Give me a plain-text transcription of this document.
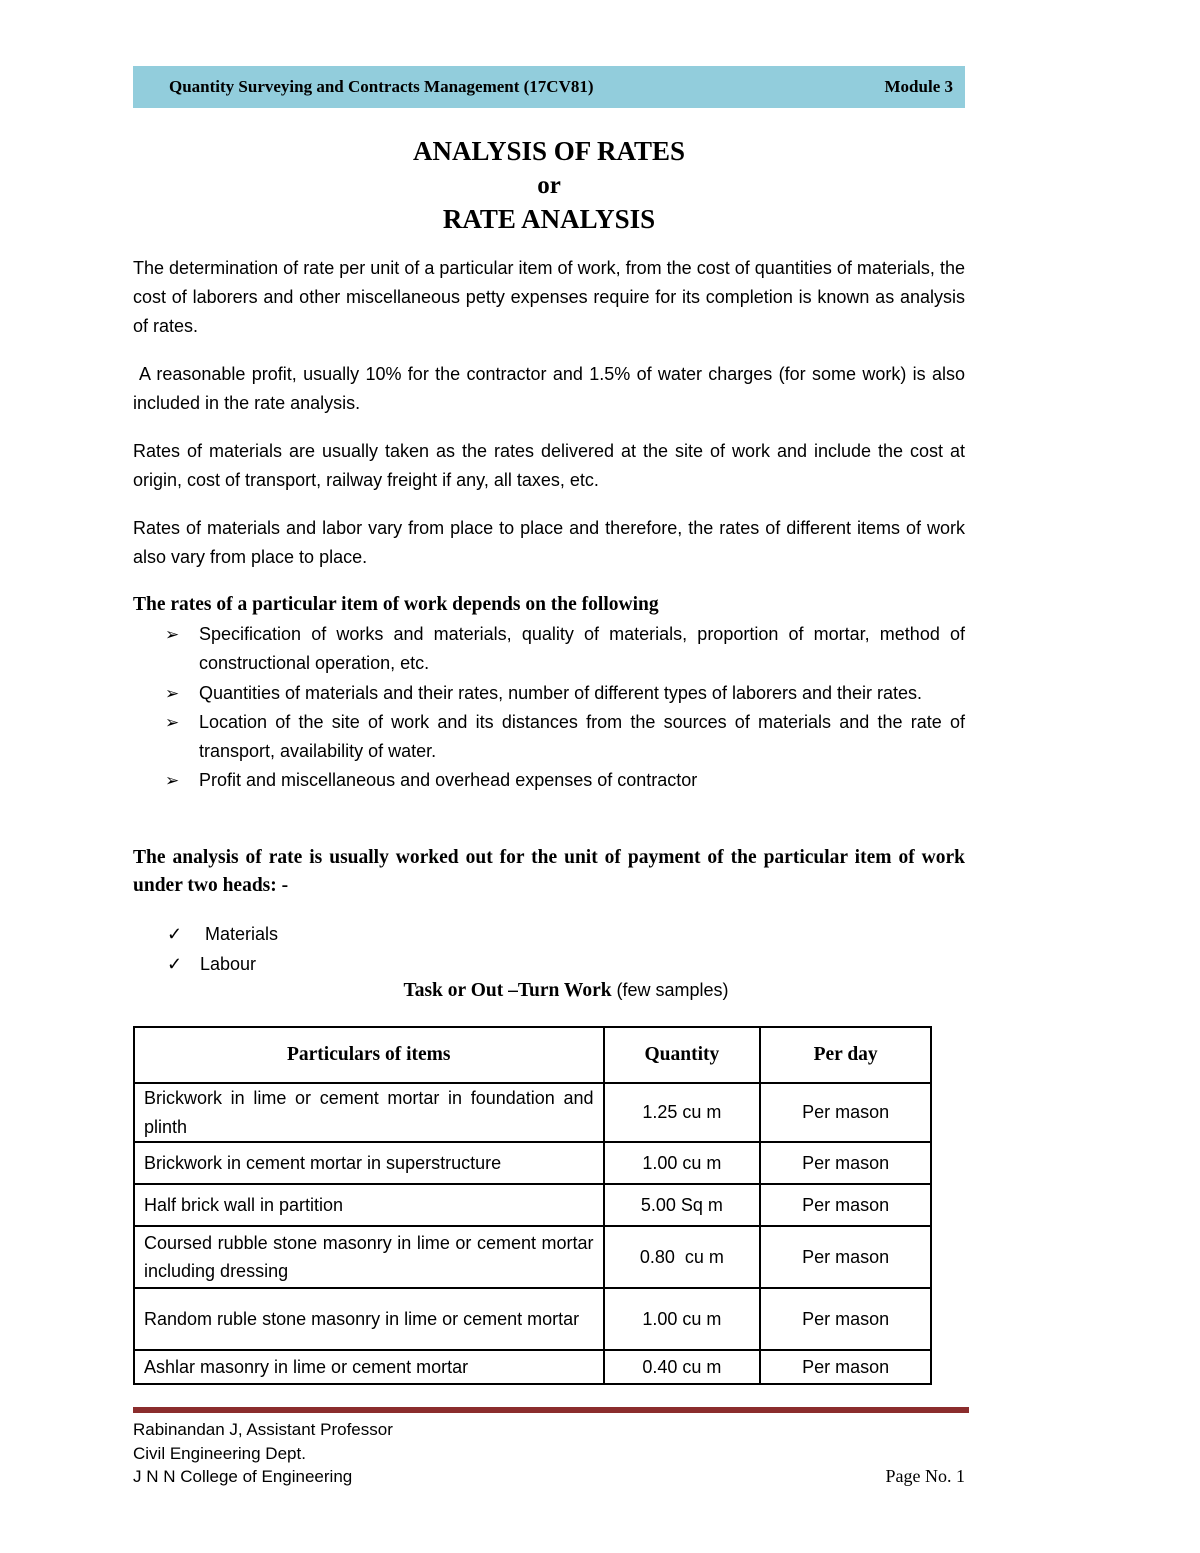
Quantity Surveying and Contracts Management (17CV81)	Module 3
ANALYSIS OF RATES
or
RATE ANALYSIS

The determination of rate per unit of a particular item of work, from the cost of quantities of materials, the cost of laborers and other miscellaneous petty expenses require for its completion is known as analysis of rates.

A reasonable profit, usually 10% for the contractor and 1.5% of water charges (for some work) is also included in the rate analysis.

Rates of materials are usually taken as the rates delivered at the site of work and include the cost at origin, cost of transport, railway freight if any, all taxes, etc.

Rates of materials and labor vary from place to place and therefore, the rates of different items of work also vary from place to place.

The rates of a particular item of work depends on the following
➢ Specification of works and materials, quality of materials, proportion of mortar, method of constructional operation, etc.
➢ Quantities of materials and their rates, number of different types of laborers and their rates.
➢ Location of the site of work and its distances from the sources of materials and the rate of transport, availability of water.
➢ Profit and miscellaneous and overhead expenses of contractor
The analysis of rate is usually worked out for the unit of payment of the particular item of work under two heads: -
✓ Materials
✓ Labour
Task or Out –Turn Work (few samples)
Particulars of items	Quantity	Per day
Brickwork in lime or cement mortar in foundation and plinth	1.25 cu m	Per mason
Brickwork in cement mortar in superstructure	1.00 cu m	Per mason
Half brick wall in partition	5.00 Sq m	Per mason
Coursed rubble stone masonry in lime or cement mortar including dressing	0.80  cu m	Per mason
Random ruble stone masonry in lime or cement mortar	1.00 cu m	Per mason
Ashlar masonry in lime or cement mortar	0.40 cu m	Per mason
Rabinandan J, Assistant Professor
Civil Engineering Dept.
J N N College of Engineering	Page No. 1
